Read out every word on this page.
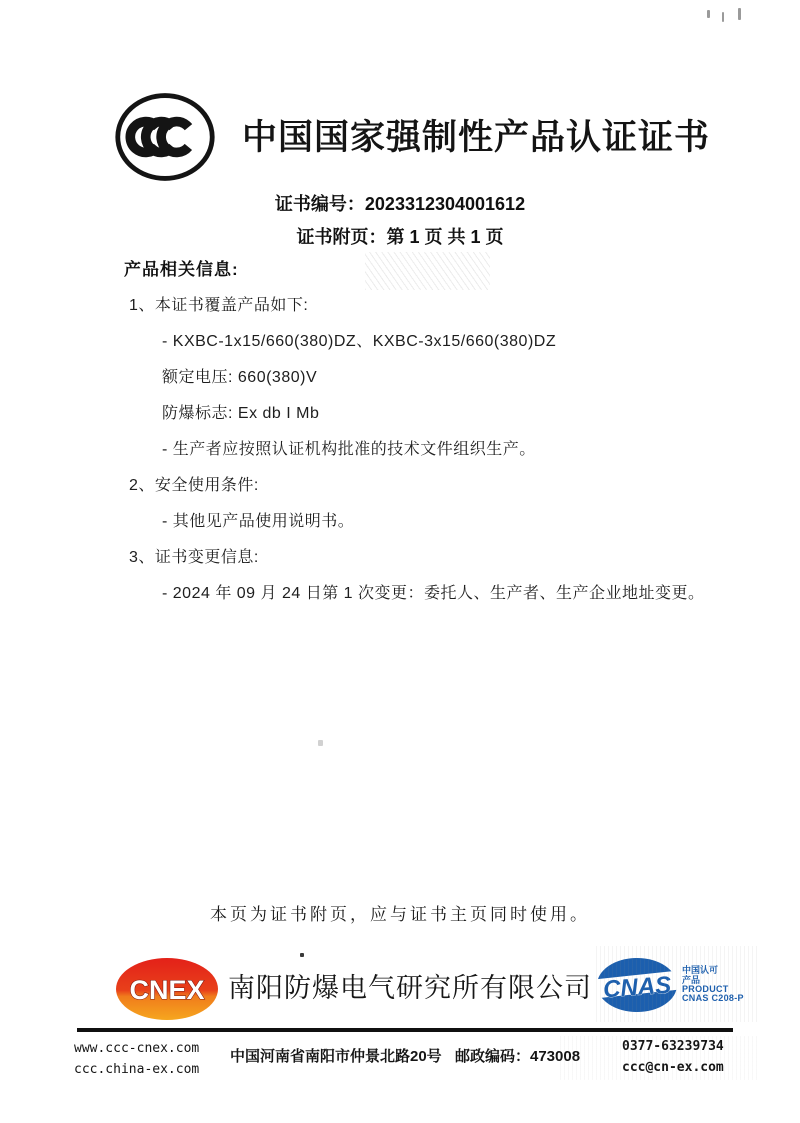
中国国家强制性产品认证证书
证书编号：2023312304001612
证书附页：第 1 页 共 1 页
产品相关信息:
1、本证书覆盖产品如下:
- KXBC-1x15/660(380)DZ、KXBC-3x15/660(380)DZ
额定电压: 660(380)V
防爆标志: Ex db I Mb
- 生产者应按照认证机构批准的技术文件组织生产。
2、安全使用条件:
- 其他见产品使用说明书。
3、证书变更信息:
- 2024 年 09 月 24 日第 1 次变更：委托人、生产者、生产企业地址变更。
本页为证书附页，应与证书主页同时使用。
CNEX 南阳防爆电气研究所有限公司 CNAS
中国认可
产品
PRODUCT
CNAS C208-P
www.ccc-cnex.com
ccc.china-ex.com
中国河南省南阳市仲景北路20号 邮政编码：473008
0377-63239734
ccc@cn-ex.com
